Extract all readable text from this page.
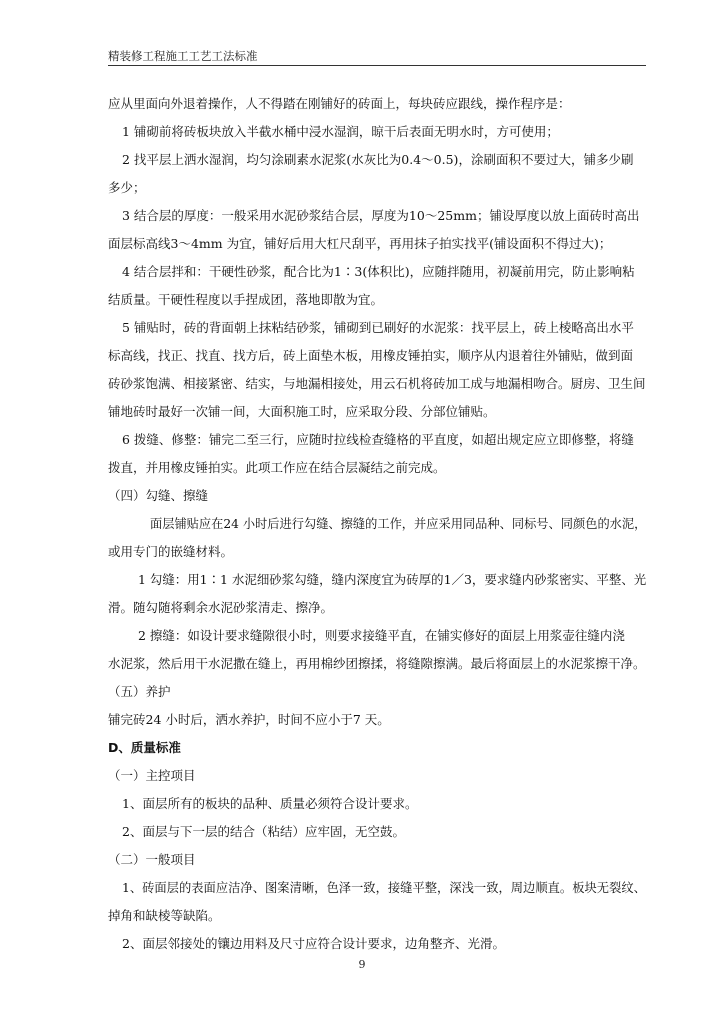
精装修工程施工工艺工法标准
应从里面向外退着操作，人不得踏在刚铺好的砖面上，每块砖应跟线，操作程序是：
1 铺砌前将砖板块放入半截水桶中浸水湿润，晾干后表面无明水时，方可使用；
2 找平层上洒水湿润，均匀涂刷素水泥浆(水灰比为0.4～0.5)，涂刷面积不要过大，铺多少刷
多少；
3 结合层的厚度：一般采用水泥砂浆结合层，厚度为10～25mm；铺设厚度以放上面砖时高出
面层标高线3～4mm 为宜，铺好后用大杠尺刮平，再用抹子拍实找平(铺设面积不得过大)；
4 结合层拌和：干硬性砂浆，配合比为1∶3(体积比)，应随拌随用，初凝前用完，防止影响粘
结质量。干硬性程度以手捏成团，落地即散为宜。
5 铺贴时，砖的背面朝上抹粘结砂浆，铺砌到已刷好的水泥浆：找平层上，砖上棱略高出水平
标高线，找正、找直、找方后，砖上面垫木板，用橡皮锤拍实，顺序从内退着往外铺贴，做到面
砖砂浆饱满、相接紧密、结实，与地漏相接处，用云石机将砖加工成与地漏相吻合。厨房、卫生间
铺地砖时最好一次铺一间，大面积施工时，应采取分段、分部位铺贴。
6 拨缝、修整：铺完二至三行，应随时拉线检查缝格的平直度，如超出规定应立即修整，将缝
拨直，并用橡皮锤拍实。此项工作应在结合层凝结之前完成。
（四）勾缝、擦缝
面层铺贴应在24 小时后进行勾缝、擦缝的工作，并应采用同品种、同标号、同颜色的水泥，
或用专门的嵌缝材料。
1 勾缝：用1∶1 水泥细砂浆勾缝，缝内深度宜为砖厚的1／3，要求缝内砂浆密实、平整、光
滑。随勾随将剩余水泥砂浆清走、擦净。
2 擦缝：如设计要求缝隙很小时，则要求接缝平直，在铺实修好的面层上用浆壶往缝内浇
水泥浆，然后用干水泥撒在缝上，再用棉纱团擦揉，将缝隙擦满。最后将面层上的水泥浆擦干净。
（五）养护
铺完砖24 小时后，洒水养护，时间不应小于7 天。
D、质量标准
（一）主控项目
1、面层所有的板块的品种、质量必须符合设计要求。
2、面层与下一层的结合（粘结）应牢固，无空鼓。
（二）一般项目
1、砖面层的表面应洁净、图案清晰，色泽一致，接缝平整，深浅一致，周边顺直。板块无裂纹、
掉角和缺棱等缺陷。
2、面层邻接处的镶边用料及尺寸应符合设计要求，边角整齐、光滑。
9
